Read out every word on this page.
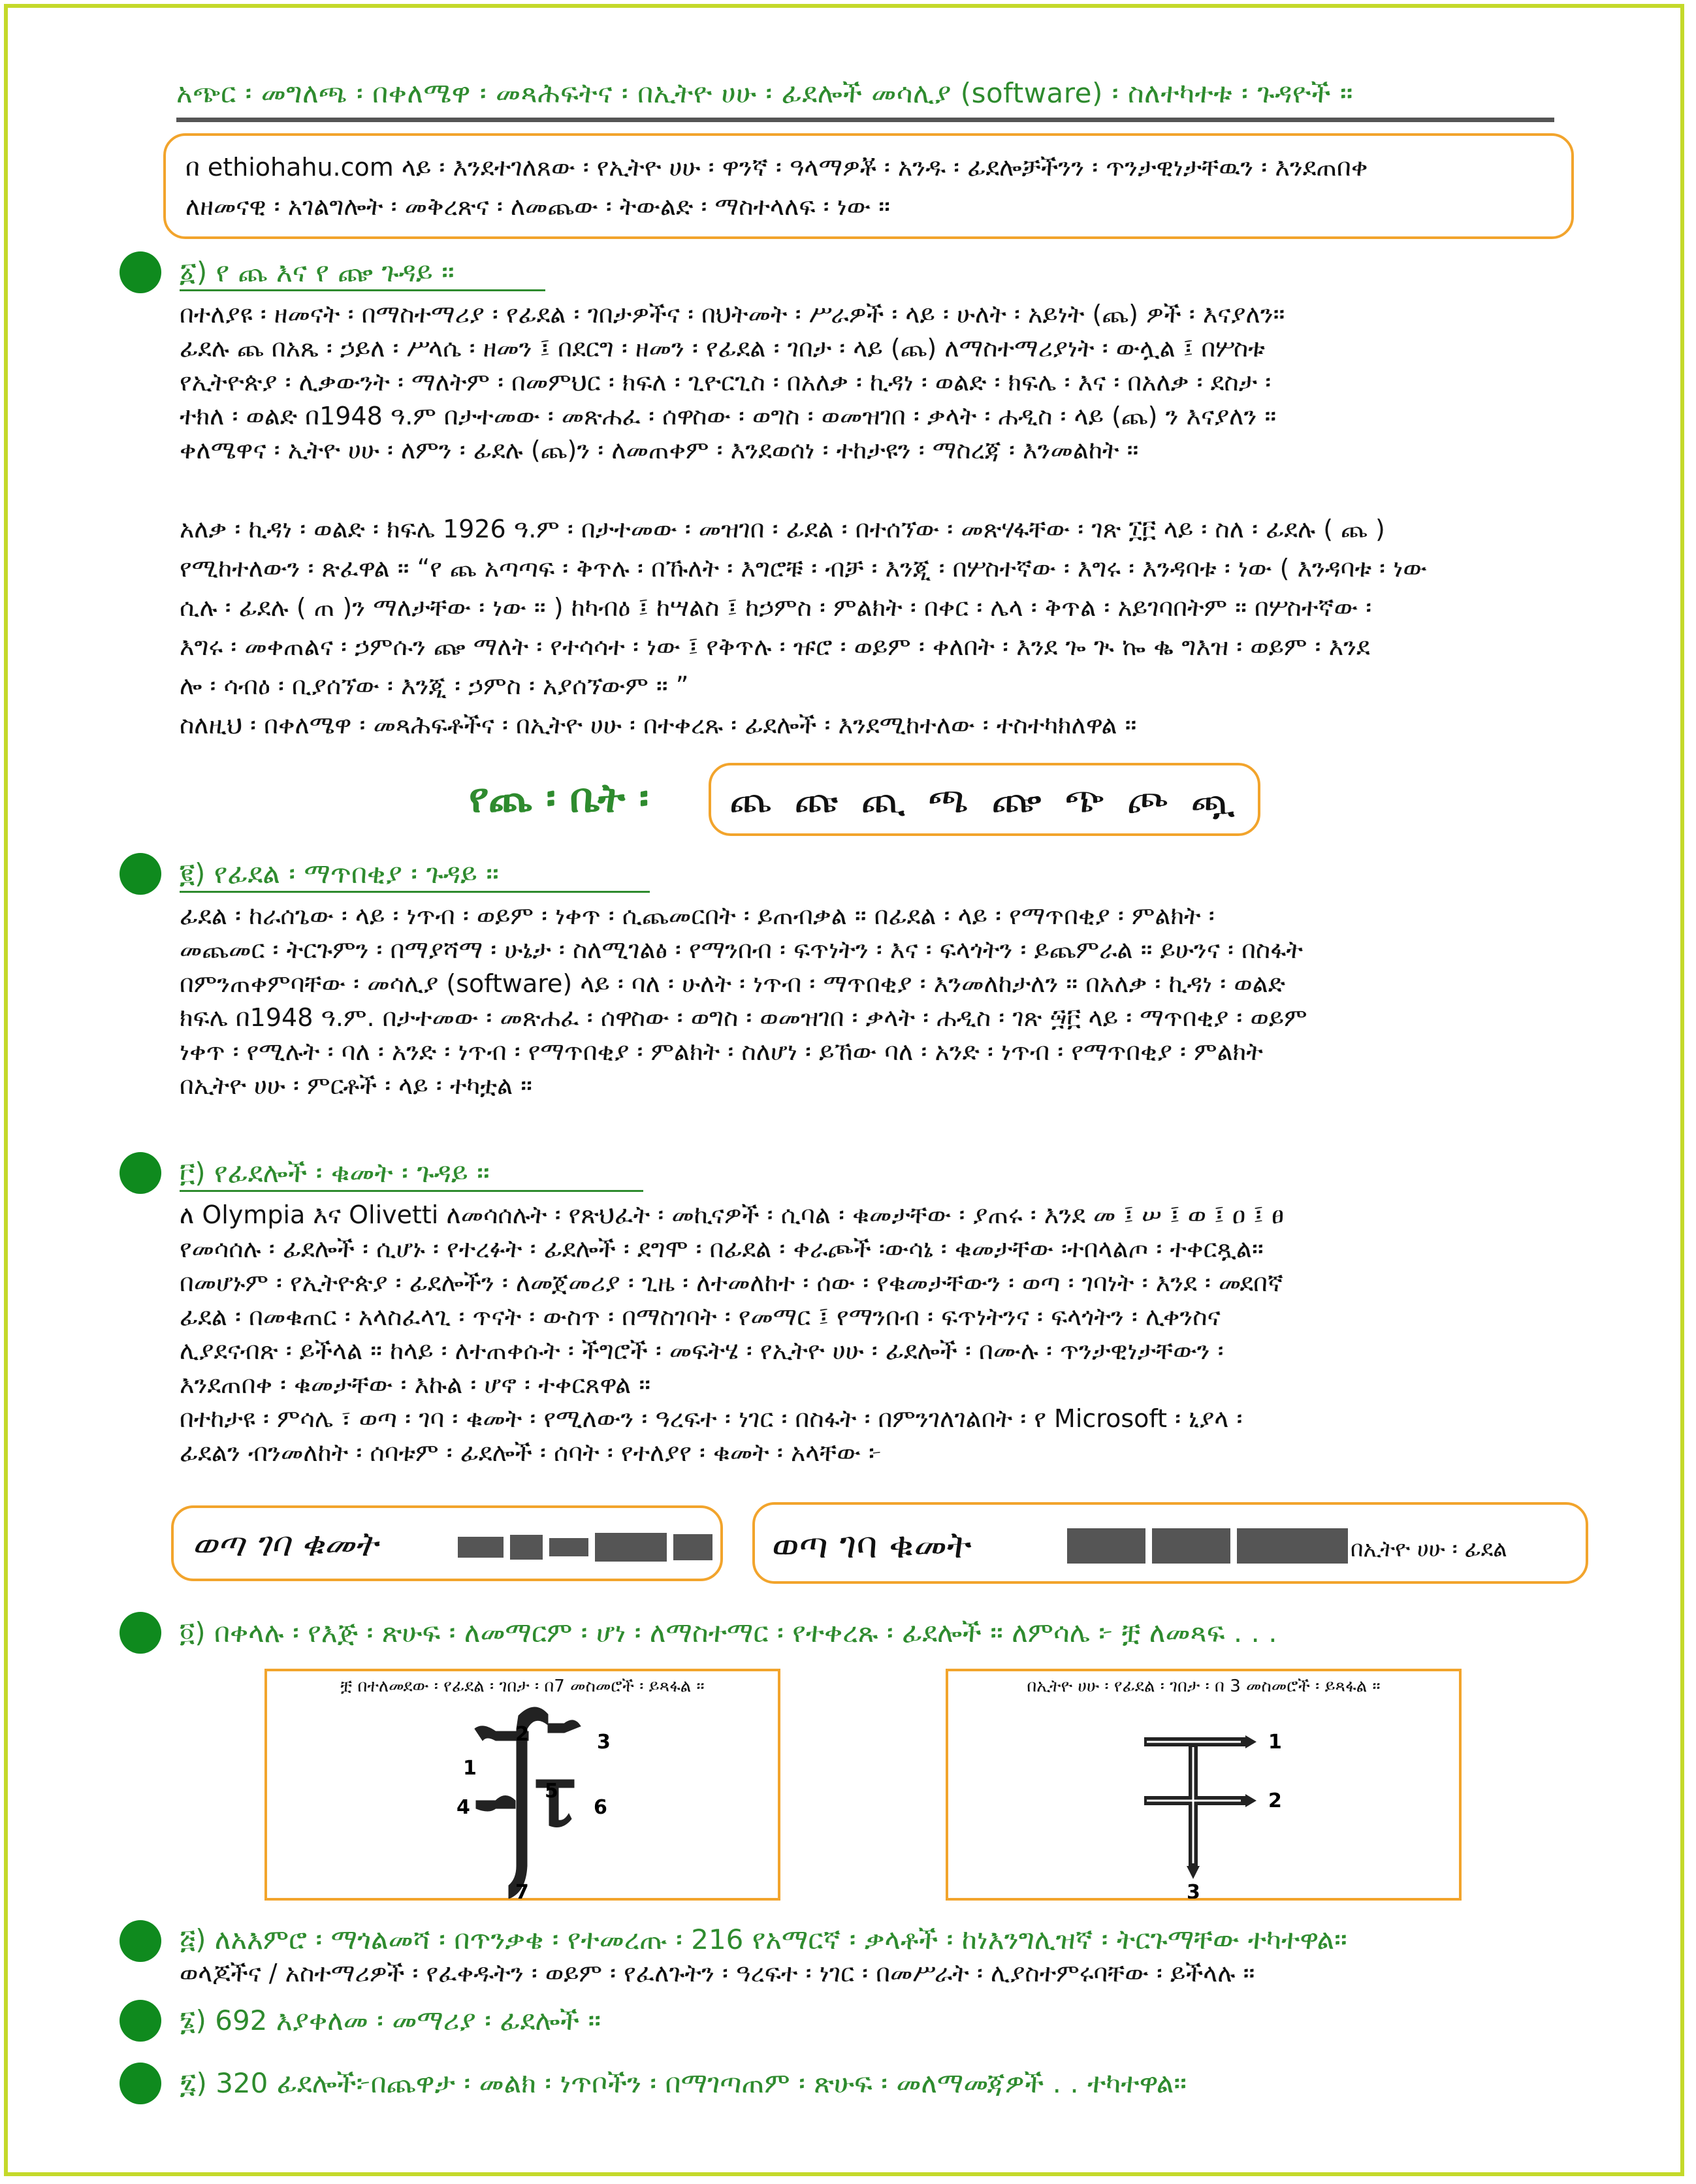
አጭር ፡ መግለጫ ፡ በቀለሜዋ ፡ መጻሕፍትና ፡ በኢትዮ ሀሁ ፡ ፊደሎች መሳሊያ (software) ፡ ስለተካተቱ ፡ ጉዳዮች ።
በ ethiohahu.com ላይ ፡ እንደተገለጸው ፡ የኢትዮ ሀሁ ፡ ዋንኛ ፡ ዓላማዎቾ ፡ አንዱ ፡ ፊደሎቻችንን ፡ ጥንታዊነታቸዉን ፡ እንደጠበቀ
ለዘመናዊ ፡ አገልግሎት ፡ መቅረጽና ፡ ለመጨው ፡ ትውልድ ፡ ማስተላለፍ ፡ ነው ።
፩) የ ጨ እና የ ጬ ጉዳይ ።

በተለያዩ ፡ ዘመናት ፡ በማስተማሪያ ፡ የፊደል ፡ ገበታዎችና ፡ በህትመት ፡ ሥራዎች ፡ ላይ ፡ ሁለት ፡ አይነት (ጨ) ዎች ፡ እናያለን።

ፊደሉ ጨ በአጼ ፡ ኃይለ ፡ ሥላሴ ፡ ዘመን ፤ በደርግ ፡ ዘመን ፡ የፊደል ፡ ገበታ ፡ ላይ (ጨ) ለማስተማሪያነት ፡ ውሏል ፤ በሦስቱ

የኢትዮጵያ ፡ ሊቃውንት ፡ ማለትም ፡ በመምህር ፡ ክፍለ ፡ ጊዮርጊስ ፡ በአለቃ ፡ ኪዳነ ፡ ወልድ ፡ ክፍሌ ፡ እና ፡ በአለቃ ፡ ደስታ ፡

ተክለ ፡ ወልድ በ1948 ዓ.ም በታተመው ፡ መጽሐፈ ፡ ሰዋስው ፡ ወግስ ፡ ወመዝገበ ፡ ቃላት ፡ ሐዲስ ፡ ላይ (ጨ) ን እናያለን ።

ቀለሜዋና ፡ ኢትዮ ሀሁ ፡ ለምን ፡ ፊደሉ (ጨ)ን ፡ ለመጠቀም ፡ እንደወሰነ ፡ ተከታዩን ፡ ማስረጃ ፡ እንመልከት ።

አለቃ ፡ ኪዳነ ፡ ወልድ ፡ ክፍሌ 1926 ዓ.ም ፡ በታተመው ፡ መዝገበ ፡ ፊደል ፡ በተሰኘው ፡ መጽሃፋቸው ፡ ገጽ ፲፫ ላይ ፡ ስለ ፡ ፊደሉ ( ጨ )

የሚከተለውን ፡ ጽፈዋል ። “የ ጨ አጣጣፍ ፡ ቅጥሉ ፡ በኹለት ፡ እግሮቹ ፡ ብቻ ፡ እንጂ ፡ በሦስተኛው ፡ እግሩ ፡ እንዳባቱ ፡ ነው ( እንዳባቱ ፡ ነው

ሲሉ ፡ ፊደሉ ( ጠ )ን ማለታቸው ፡ ነው ። ) ከካብዕ ፤ ከሣልስ ፤ ከኃምስ ፡ ምልክት ፡ በቀር ፡ ሌላ ፡ ቅጥል ፡ አይገባበትም ። በሦስተኛው ፡

እግሩ ፡ መቀጠልና ፡ ኃምሱን ጬ ማለት ፡ የተሳሳተ ፡ ነው ፤ የቅጥሉ ፡ ዡሮ ፡ ወይም ፡ ቀለበት ፡ እንደ ጐ ጒ ኰ ቈ ግእዝ ፡ ወይም ፡ እንደ

ሎ ፡ ሳብዕ ፡ ቢያሰኘው ፡ እንጂ ፡ ኃምስ ፡ አያሰኘውም ። ”

ስለዚህ ፡ በቀለሜዋ ፡ መጻሕፍቶችና ፡ በኢትዮ ሀሁ ፡ በተቀረጹ ፡ ፊደሎች ፡ እንደሚከተለው ፡ ተስተካክለዋል ።

የጨ ፡ ቤት ፡	ጨ ጩ ጪ ጫ ጬ ጭ ጮ ጯ
፪) የፊደል ፡ ማጥበቂያ ፡ ጉዳይ ።

ፊደል ፡ ከራሰጌው ፡ ላይ ፡ ነጥብ ፡ ወይም ፡ ነቀጥ ፡ ሲጨመርበት ፡ ይጠብቃል ። በፊደል ፡ ላይ ፡ የማጥበቂያ ፡ ምልክት ፡

መጨመር ፡ ትርጉምን ፡ በማያሻማ ፡ ሁኔታ ፡ ስለሚገልፅ ፡ የማንበብ ፡ ፍጥነትን ፡ እና ፡ ፍላጎትን ፡ ይጨምራል ። ይሁንና ፡ በስፋት

በምንጠቀምባቸው ፡ መሳሊያ (software) ላይ ፡ ባለ ፡ ሁለት ፡ ነጥብ ፡ ማጥበቂያ ፡ እንመለከታለን ። በአለቃ ፡ ኪዳነ ፡ ወልድ

ክፍሌ በ1948 ዓ.ም. በታተመው ፡ መጽሐፈ ፡ ሰዋስው ፡ ወግስ ፡ ወመዝገበ ፡ ቃላት ፡ ሐዲስ ፡ ገጽ ፵፫ ላይ ፡ ማጥበቂያ ፡ ወይም

ነቀጥ ፡ የሚሉት ፡ ባለ ፡ አንድ ፡ ነጥብ ፡ የማጥበቂያ ፡ ምልክት ፡ ስለሆነ ፡ ይኸው ባለ ፡ አንድ ፡ ነጥብ ፡ የማጥበቂያ ፡ ምልክት

በኢትዮ ሀሁ ፡ ምርቶች ፡ ላይ ፡ ተካቷል ።

፫) የፊደሎች ፡ ቁመት ፡ ጉዳይ ።

ለ Olympia እና Olivetti ለመሳሰሉት ፡ የጽህፈት ፡ መኪናዎች ፡ ሲባል ፡ ቁመታቸው ፡ ያጠሩ ፡ እንደ መ ፤ ሠ ፤ ወ ፤ ዐ ፤ ፀ

የመሳሰሉ ፡ ፊደሎች ፡ ሲሆኑ ፡ የተረፉት ፡ ፊደሎች ፡ ደግሞ ፡ በፊደል ፡ ቀራጮች ፡ውሳኔ ፡ ቁመታቸው ፡ተበላልጦ ፡ ተቀርጿል።

በመሆኑም ፡ የኢትዮጵያ ፡ ፊደሎችን ፡ ለመጀመሪያ ፡ ጊዜ ፡ ለተመለከተ ፡ ሰው ፡ የቁመታቸውን ፡ ወጣ ፡ ገባነት ፡ እንደ ፡ መደበኛ

ፊደል ፡ በመቁጠር ፡ አላስፈላጊ ፡ ጥናት ፡ ውስጥ ፡ በማስገባት ፡ የመማር ፤ የማንበብ ፡ ፍጥነትንና ፡ ፍላጎትን ፡ ሊቀንስና

ሊያደናብጽ ፡ ይችላል ። ከላይ ፡ ለተጠቀሱት ፡ ችግሮች ፡ መፍትሄ ፡ የኢትዮ ሀሁ ፡ ፊደሎች ፡ በሙሉ ፡ ጥንታዊነታቸውን ፡

እንደጠበቀ ፡ ቁመታቸው ፡ እኩል ፡ ሆኖ ፡ ተቀርጸዋል ።

በተከታዩ ፡ ምሳሌ ፣ ወጣ ፡ ገባ ፡ ቁመት ፡ የሚለውን ፡ ዓረፍተ ፡ ነገር ፡ በስፋት ፡ በምንገለገልበት ፡ የ Microsoft ፡ ኒያላ ፡

ፊደልን ብንመለከት ፡ ሰባቱም ፡ ፊደሎች ፡ ሰባት ፡ የተለያየ ፡ ቁመት ፡ አላቸው ፦

ወጣ ገባ ቁመት	ወጣ ገባ ቁመት	በኢትዮ ሀሁ ፡ ፊደል
፬) በቀላሉ ፡ የእጅ ፡ ጽሁፍ ፡ ለመማርም ፡ ሆነ ፡ ለማስተማር ፡ የተቀረጹ ፡ ፊደሎች ። ለምሳሌ ፦ ቿ ለመጻፍ . . .
ቿ በተለመደው ፡ የፊደል ፡ ገበታ ፡ በ7 መስመሮች ፡ ይጻፋል ።
1
2	3
4
5
6
7
በኢትዮ ሀሁ ፡ የፊደል ፡ ገበታ ፡ በ 3 መስመሮች ፡ ይጻፋል ።
1
2
3
፭) ለአእምሮ ፡ ማጎልመሻ ፡ በጥንቃቄ ፡ የተመረጡ ፡ 216 የአማርኛ ፡ ቃላቶች ፡ ከነእንግሊዝኛ ፡ ትርጉማቸው ተካተዋል።
ወላጆችና / አስተማሪዎች ፡ የፈቀዱትን ፡ ወይም ፡ የፈለጉትን ፡ ዓረፍተ ፡ ነገር ፡ በመሥራት ፡ ሊያስተምሩባቸው ፡ ይችላሉ ።
፮) 692 እያቀለመ ፡ መማሪያ ፡ ፊደሎች ።
፯) 320 ፊደሎች፦በጨዋታ ፡ መልክ ፡ ነጥቦችን ፡ በማገጣጠም ፡ ጽሁፍ ፡ መለማመጃዎች . . ተካተዋል።
